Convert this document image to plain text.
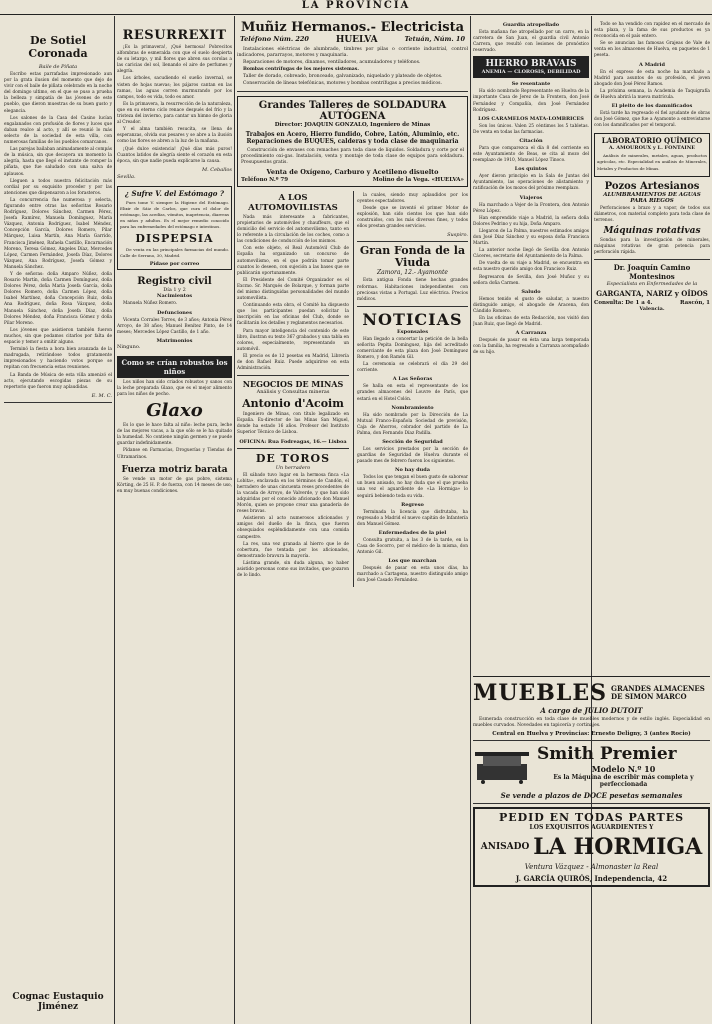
LA PROVINCIA
De Sotiel Coronada
Baile de Piñata

Escribo estas parrafadas impresionado aun por la grata ilusion del momento que dejo de vivir con el baile de piñata celebrado en la noche del domingo ultimo, en el que se puso a prueba la belleza y simpatía de las jóvenes de este pueblo, que dieron muestras de su buen gusto y elegancia.

Los salones de la Casa del Casino lucían engalanados con profusión de flores y luces que daban realce al acto, y allí se reunió lo más selecto de la sociedad de esta villa, con numerosas familias de los pueblos comarcanos.

Las parejas bailaban animadamente al compás de la música, sin que decayera un momento la alegría, hasta que llegó el instante de romper la piñata, que fue saludado con una salva de aplausos.

Lleguen a todos nuestra felicitación más cordial por su exquisito proceder y por las atenciones que dispensaron a los forasteros.

La concurrencia fue numerosa y selecta, figurando entre otras las señoritas Rosario Rodríguez, Dolores Sánchez, Carmen Pérez, Josefa Ramírez, Manuela Domínguez, María Vázquez, Antonia Rodríguez, Isabel Méndez, Concepción García, Dolores Romero, Pilar Márquez, Luisa Martín, Ana María Garrido, Francisca Jiménez, Rafaela Castillo, Encarnación Moreno, Teresa Gómez, Angeles Díaz, Mercedes López, Carmen Fernández, Josefa Díaz, Dolores Vázquez, Ana Rodríguez, Josefa Gómez y Manuela Sánchez.

Y de señoras: doña Amparo Núñez, doña Rosario Martín, doña Carmen Domínguez, doña Dolores Pérez, doña María Josefa García, doña Dolores Romero, doña Carmen López, doña Isabel Martínez, doña Concepción Ruiz, doña Ana Rodríguez, doña Rosa Vázquez, doña Manuela Sánchez, doña Josefa Díaz, doña Dolores Méndez, doña Francisca Gómez y doña Pilar Moreno.

Los jóvenes que asistieron también fueron muchos, sin que podamos citarlos por falta de espacio y temor a omitir alguno.

Terminó la fiesta a hora bien avanzada de la madrugada, retirándose todos gratamente impresionados y haciendo votos porque se repitan con frecuencia estas reuniones.

La Banda de Música de esta villa amenizó el acto, ejecutando escogidas piezas de su repertorio que fueron muy aplaudidas.

E. M. C.
Cognac Eustaquio Jiménez
RESURREXIT

¡Es la primavera!, ¡Qué hermosa! Pobrecitos alfombras de esmeralda con que el suelo despierta de su letargo, y mil flores que abren sus corolas a las caricias del sol, llenando el aire de perfumes y alegría.

Los árboles, sacudiendo el sueño invernal, se visten de hojas nuevas; los pájaros cantan en las ramas, las aguas corren murmurando por los campos, todo es vida, todo es amor.

Es la primavera, la resurrección de la naturaleza, que en su eterno ciclo renace después del frío y la tristeza del invierno, para cantar un himno de gloria al Creador.

Y el alma también resucita, se llena de esperanzas, olvida sus pesares y se abre a la ilusión como las flores se abren a la luz de la mañana.

¡Qué dulce existencia! ¡Qué días más puros! Cuantos latidos de alegría siente el corazón en esta época, sin que nadie pueda explicarse la causa.

M. Ceballos
Sevilla.
¿ Sufre V. del Estómago ?

Pues tome V. siempre la Higiene del Estómago. Elixir de Sáiz de Carlos, que cura el dolor de estómago, las acedías, vómitos, inapetencia, diarreas en niños y adultos. Es el mejor remedio conocido para las enfermedades del estómago e intestinos.

DISPEPSIA

De venta en las principales farmacias del mundo. Calle de Serrano, 30, Madrid.

Pídase por correo
Registro civil
Día 1 y 2
Nacimientos

Manuela Núñez Romero.

Defunciones

Vicenta Corrales Torres, de 3 años; Antonia Pérez Arroyo, de 38 años; Manuel Benítez Pinto, de 14 meses; Mercedes López Castillo, de 1 año.

Matrimonios
Ninguno.
Como se crían robustos los niños

Los niños han sido criados robustos y sanos con la leche preparada Glaxo, que es el mejor alimento para los niños de pecho.

Glaxo

Es lo que le hace falta al niño: leche pura, leche de las mejores vacas, a la que sólo se le ha quitado la humedad. No contiene ningún germen y se puede guardar indefinidamente.

Pídanse en Farmacias, Droguerías y Tiendas de Ultramarinos.

Fuerza motriz barata

Se vende un motor de gas pobre, sistema Körting, de 25 H. P. de fuerza, con 14 meses de uso, en muy buenas condiciones.

Muñiz Hermanos.- Electricista
Teléfono Núm. 220	HUELVA	Tetuán, Núm. 10

Instalaciones eléctricas de alumbrado, timbres por pilas o corriente industrial, control indicadores, pararrayos, motores y maquinaria.

Reparaciones de motores, dinamos, ventiladores, acumuladores y teléfonos.

Bombas centrífugas de los mejores sistemas.

Taller de dorado, cobreado, bronceado, galvanizado, niquelado y plateado de objetos.

Conservación de líneas telefónicas, motores y bombas centrífugas a precios módicos.

Grandes Talleres de SOLDADURA AUTÓGENA
Director: JOAQUIN GONZALO, Ingeniero de Minas
Trabajos en Acero, Hierro fundido, Cobre, Latón, Aluminio, etc. Reparaciones de BUQUES, calderas y toda clase de maquinaria

Construcción de envases con remaches para toda clase de líquidos. Soldadura y corte por el procedimiento oxi-gas. Instalación, venta y montaje de toda clase de equipos para soldadura. Presupuestos gratis.

Venta de Oxígeno, Carburo y Acetileno disuelto
Teléfono N.º 79	Molino de la Vega. «HUELVA»
A LOS AUTOMOVILISTAS

Nada más interesante a fabricantes, propietarios de automóviles y chauffeurs, que el domicilio del servicio del automovilismo, tanto en lo referente a la circulación de los coches, como a las condiciones de conducción de los mismos.

Con este objeto, el Real Automóvil Club de España ha organizado un concurso de automovilismo, en el que podrán tomar parte cuantos lo deseen, con sujeción a las bases que se publicarán oportunamente.

El Presidente del Comité Organizador es el Excmo. Sr. Marqués de Bolarque, y forman parte del mismo distinguidas personalidades del mundo automovilista.

Continuando esta obra, el Comité ha dispuesto que los participantes puedan solicitar la inscripción en las oficinas del Club, donde se facilitarán los detalles y reglamentos necesarios.

Para mayor inteligencia del contenido de este libro, ilustran su texto 367 grabados y una tabla en colores, especialmente, representando un automóvil.

El precio es de 12 pesetas en Madrid, Librería de don Rafael Ruiz. Puede adquirirse en esta Administración.

NEGOCIOS DE MINAS
Análisis y Consultas mineras
Antonio d'Acoim

Ingeniero de Minas, con título legalizado en España. Ex-director de las Minas San Miguel, donde ha estado 16 años. Profesor del Instituto Superior Técnico de Lisboa.

OFICINA: Rua Fodreagas, 16.— Lisboa
DE TOROS
Un herradero

El sábado tuvo lugar en la hermosa finca «La Lobita», enclavada en los términos de Candón, el herradero de unas cincuenta reses procedentes de la vacada de Arroyo, de Valverde, y que han sido adquiridas por el conocido aficionado don Manuel Morón, quien se propone crear una ganadería de reses bravas.

Asistieron al acto numerosos aficionados y amigos del dueño de la finca, que fueron obsequiados espléndidamente con una comida campestre.

La res, una vez granada al hierro que le de cobertura, fue tentada por los aficionados, demostrando bravura la mayoría.

Lástima grande, sin duda alguna, no haber asistido personas como sus invitados, que gozaron de lo lindo.

la cuales, siendo muy aplaudidos por los oyentes espectadores.

Desde que se inventó el primer Motor de explosión, han sido cientos los que han sido construidos, con los más diversos fines, y todos ellos prestan grandes servicios.

Suspiro.
Gran Fonda de la Viuda
Zamora, 12.- Ayamonte

Esta antigua Fonda tiene hechas grandes reformas. Habitaciones independientes con preciosas vistas a Portugal. Luz eléctrica. Precios módicos.

NOTICIAS
Esponsales

Han llegado a concertar la petición de la bella señorita Pepita Domínguez, hija del acreditado comerciante de esta plaza don José Domínguez Romero, y don Ramón Gil.

La ceremonia se celebrará el día 29 del corriente.

A Las Señoras

Se halla en esta el representante de los grandes almacenes del Louvre de París, que estará en el Hotel Colón.

Nombramiento

Ha sido nombrado por la Dirección de La Mutual Franco-Española Sociedad de previsión, Caja de Ahorros, cobrador del partido de La Palma, don Fernando Díaz Padilla.

Sección de Seguridad

Los servicios prestados por la sección de guardias de Seguridad de Huelva durante el pasado mes de febrero fueron los siguientes.

No hay duda

Todos los que tengan el buen gusto de saborear un buen anisado, no hay duda que el que prueba una vez el aguardiente de «La Hormiga» lo seguirá bebiendo toda su vida.

Regreso

Terminada la licencia que disfrutaba, ha regresado a Madrid el nuevo capitán de Infantería don Manuel Gómez.

Enfermedades de la piel

Consulta gratuita, a las 3 de la tarde, en la Casa de Socorro, por el médico de la misma, don Antonio Gil.

Los que marchan

Después de pasar en esta unos días, ha marchado a Cartagena, nuestro distinguido amigo don José Casado Fernández.

Guardia atropellado

Esta mañana fue atropellado por un carro, en la carretera de San Juan, el guardia civil Antonio Carrera, que resultó con lesiones de pronóstico reservado.

HIERRO BRAVAIS
ANEMIA — CLOROSIS, DEBILIDAD
Se resentante

Ha sido nombrado Representante en Huelva de la importante Casa de Jerez de la Frontera, don José Fernández y Compañía, don José Fernández Rodríguez.

LOS CARAMELOS MATA-LOMBRICES

Son los únicos. Valen 25 céntimos los 5 tabletas. De venta en todas las farmacias.

Citación

Para que comparezca el día 8 del corriente en este Ayuntamiento de Beas, se cita al mozo del reemplazo de 1910, Manuel López Tinoco.

Los quintos

Ayer dieron principio en la Sala de Juntas del Ayuntamiento, las operaciones de alistamiento y ratificación de los mozos del próximo reemplazo.

Viajeros

Ha marchado a Vejer de la Frontera, don Antonio Pérez López.

Han emprendido viaje a Madrid, la señora doña Dolores Pedrino y su hija, Doña Amparo.

Llegaron de La Palma, nuestros estimados amigos don José Díaz Sánchez y su esposa doña Francisca Martín.

La anterior noche llegó de Sevilla don Antonio Cáceres, secretario del Ayuntamiento de la Palma.

De vuelta de su viaje a Madrid, se encuentra en esta nuestro querido amigo don Francisco Ruiz.

Regresaron de Sevilla, don José Muñoz y su señora doña Carmen.

Saludo

Hemos tenido el gusto de saludar, a nuestro distinguido amigo, el abogado de Aracena, don Cándido Romero.

En las oficinas de esta Redacción, nos visitó don Juan Ruiz, que llegó de Madrid.

A Carranza

Después de pasar en ésta una larga temporada con la familia, ha regresado a Carranza acompañado de su hijo.

Todo se ha vendido con rapidez en el mercado de esta plaza, y la fama de sus productos es ya reconocida en el país entero.

Se se anuncian las famosas Grajeas de Vale de venta en los almacenes de Huelva, en paquetes de 1 peseta.

A Madrid

En el expreso de esta noche ha marchado a Madrid para asuntos de su profesión, el joven abogado don José Pérez Ramos.

La próxima semana, la Academia de Taquigrafía de Huelva abrirá la nueva matrícula.

El pleito de los damnificados

Está tarde ha regresado el fiel ayudante de obras don José Gómez, que fue a Ayamonte a entrevistarse con los damnificados por el temporal.

LABORATORIO QUÍMICO
A. AMOUROUX y L. FONTAINE

Análisis de minerales, metales, aguas, productos agrícolas, etc. Especialidad en análisis de Minerales, Metales y Productos de Minas.

Pozos Artesianos
ALUMBRAMIENTOS DE AGUAS PARA RIEGOS

Perforaciones a brazo y a vapor, de todos sus diámetros, con material completo para toda clase de terrenos.

Máquinas rotativas

Sondas para la investigación de minerales, máquinas rotativas de gran potencia para perforación rápida.

Dr. Joaquín Camino Montesinos
Especialista en Enfermedades de la
GARGANTA, NARIZ y OÍDOS
Consulta: De 1 a 4.	Rascón, 1
Valencia.
MUEBLES GRANDES ALMACENES DE SIMON MARCO
A cargo de JULIO DUTOIT

Esmerada construcción en toda clase de muebles modernos y de estilo inglés. Especialidad en muebles curvados. Novedades en tapicería y cortinajes.

Central en Huelva y Provincias: Ernesto Deligny, 3 (antes Rocio)
Smith Premier
Modelo N.º 10
Es la Máquina de escribir más completa y perfeccionada
Se vende a plazos de DOCE pesetas semanales
PEDID EN TODAS PARTES
LOS EXQUISITOS AGUARDIENTES Y
ANISADO LA HORMIGA
Ventura Vázquez - Almonaster la Real
J. GARCÍA QUIRÓS, Independencia, 42
